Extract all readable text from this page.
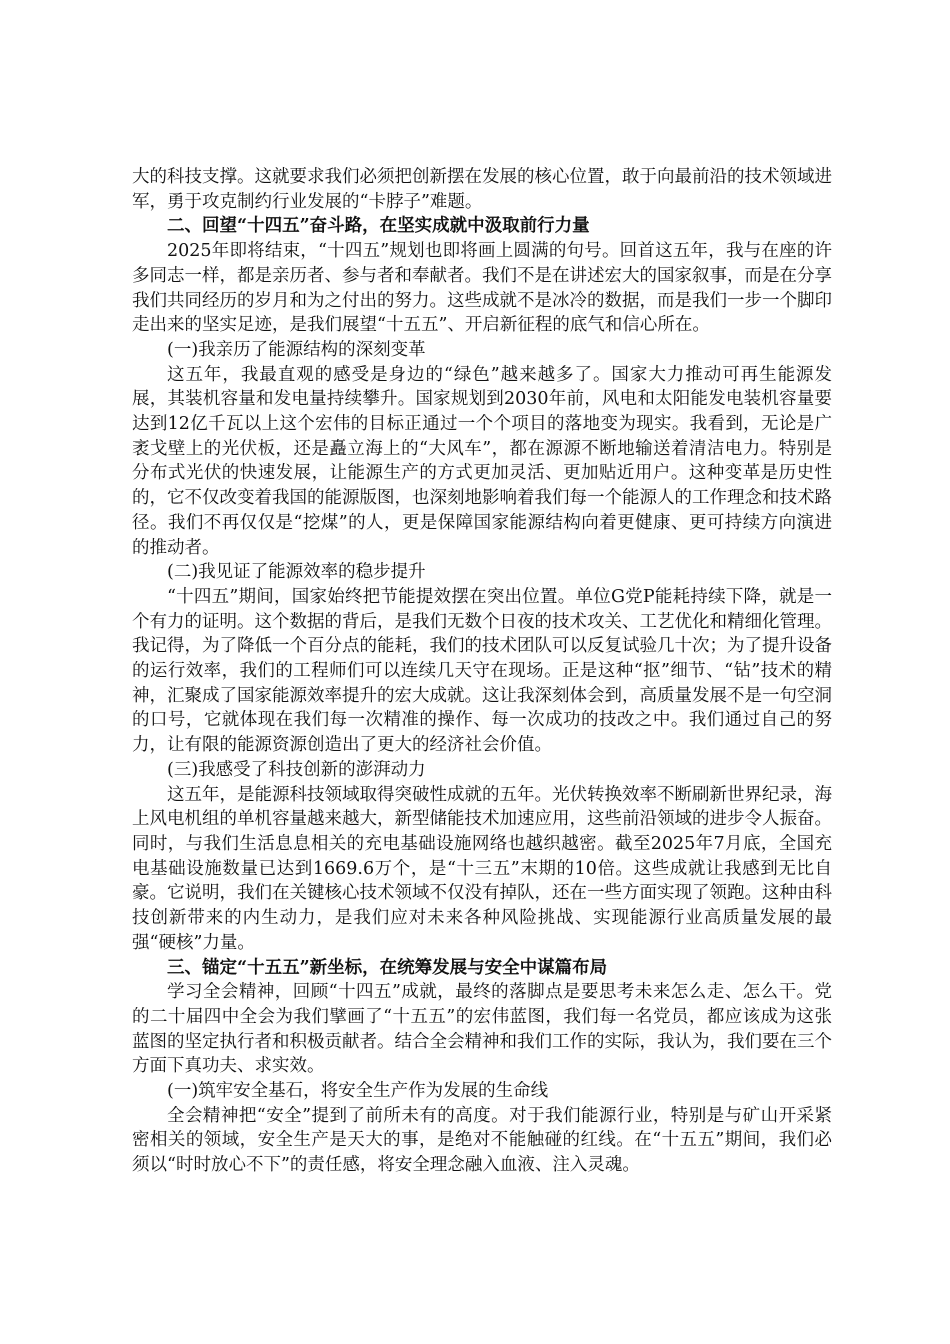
大的科技支撑。这就要求我们必须把创新摆在发展的核心位置，敢于向最前沿的技术领域进军，勇于攻克制约行业发展的“卡脖子”难题。

二、回望“十四五”奋斗路，在坚实成就中汲取前行力量

2025年即将结束，“十四五”规划也即将画上圆满的句号。回首这五年，我与在座的许多同志一样，都是亲历者、参与者和奉献者。我们不是在讲述宏大的国家叙事，而是在分享我们共同经历的岁月和为之付出的努力。这些成就不是冰冷的数据，而是我们一步一个脚印走出来的坚实足迹，是我们展望“十五五”、开启新征程的底气和信心所在。

(一)我亲历了能源结构的深刻变革

这五年，我最直观的感受是身边的“绿色”越来越多了。国家大力推动可再生能源发展，其装机容量和发电量持续攀升。国家规划到2030年前，风电和太阳能发电装机容量要达到12亿千瓦以上这个宏伟的目标正通过一个个项目的落地变为现实。我看到，无论是广袤戈壁上的光伏板，还是矗立海上的“大风车”，都在源源不断地输送着清洁电力。特别是分布式光伏的快速发展，让能源生产的方式更加灵活、更加贴近用户。这种变革是历史性的，它不仅改变着我国的能源版图，也深刻地影响着我们每一个能源人的工作理念和技术路径。我们不再仅仅是“挖煤”的人，更是保障国家能源结构向着更健康、更可持续方向演进的推动者。

(二)我见证了能源效率的稳步提升

“十四五”期间，国家始终把节能提效摆在突出位置。单位G党P能耗持续下降，就是一个有力的证明。这个数据的背后，是我们无数个日夜的技术攻关、工艺优化和精细化管理。我记得，为了降低一个百分点的能耗，我们的技术团队可以反复试验几十次；为了提升设备的运行效率，我们的工程师们可以连续几天守在现场。正是这种“抠”细节、“钻”技术的精神，汇聚成了国家能源效率提升的宏大成就。这让我深刻体会到，高质量发展不是一句空洞的口号，它就体现在我们每一次精准的操作、每一次成功的技改之中。我们通过自己的努力，让有限的能源资源创造出了更大的经济社会价值。

(三)我感受了科技创新的澎湃动力

这五年，是能源科技领域取得突破性成就的五年。光伏转换效率不断刷新世界纪录，海上风电机组的单机容量越来越大，新型储能技术加速应用，这些前沿领域的进步令人振奋。同时，与我们生活息息相关的充电基础设施网络也越织越密。截至2025年7月底，全国充电基础设施数量已达到1669.6万个，是“十三五”末期的10倍。这些成就让我感到无比自豪。它说明，我们在关键核心技术领域不仅没有掉队，还在一些方面实现了领跑。这种由科技创新带来的内生动力，是我们应对未来各种风险挑战、实现能源行业高质量发展的最强“硬核”力量。

三、锚定“十五五”新坐标，在统筹发展与安全中谋篇布局

学习全会精神，回顾“十四五”成就，最终的落脚点是要思考未来怎么走、怎么干。党的二十届四中全会为我们擘画了“十五五”的宏伟蓝图，我们每一名党员，都应该成为这张蓝图的坚定执行者和积极贡献者。结合全会精神和我们工作的实际，我认为，我们要在三个方面下真功夫、求实效。

(一)筑牢安全基石，将安全生产作为发展的生命线

全会精神把“安全”提到了前所未有的高度。对于我们能源行业，特别是与矿山开采紧密相关的领域，安全生产是天大的事，是绝对不能触碰的红线。在“十五五”期间，我们必须以“时时放心不下”的责任感，将安全理念融入血液、注入灵魂。
